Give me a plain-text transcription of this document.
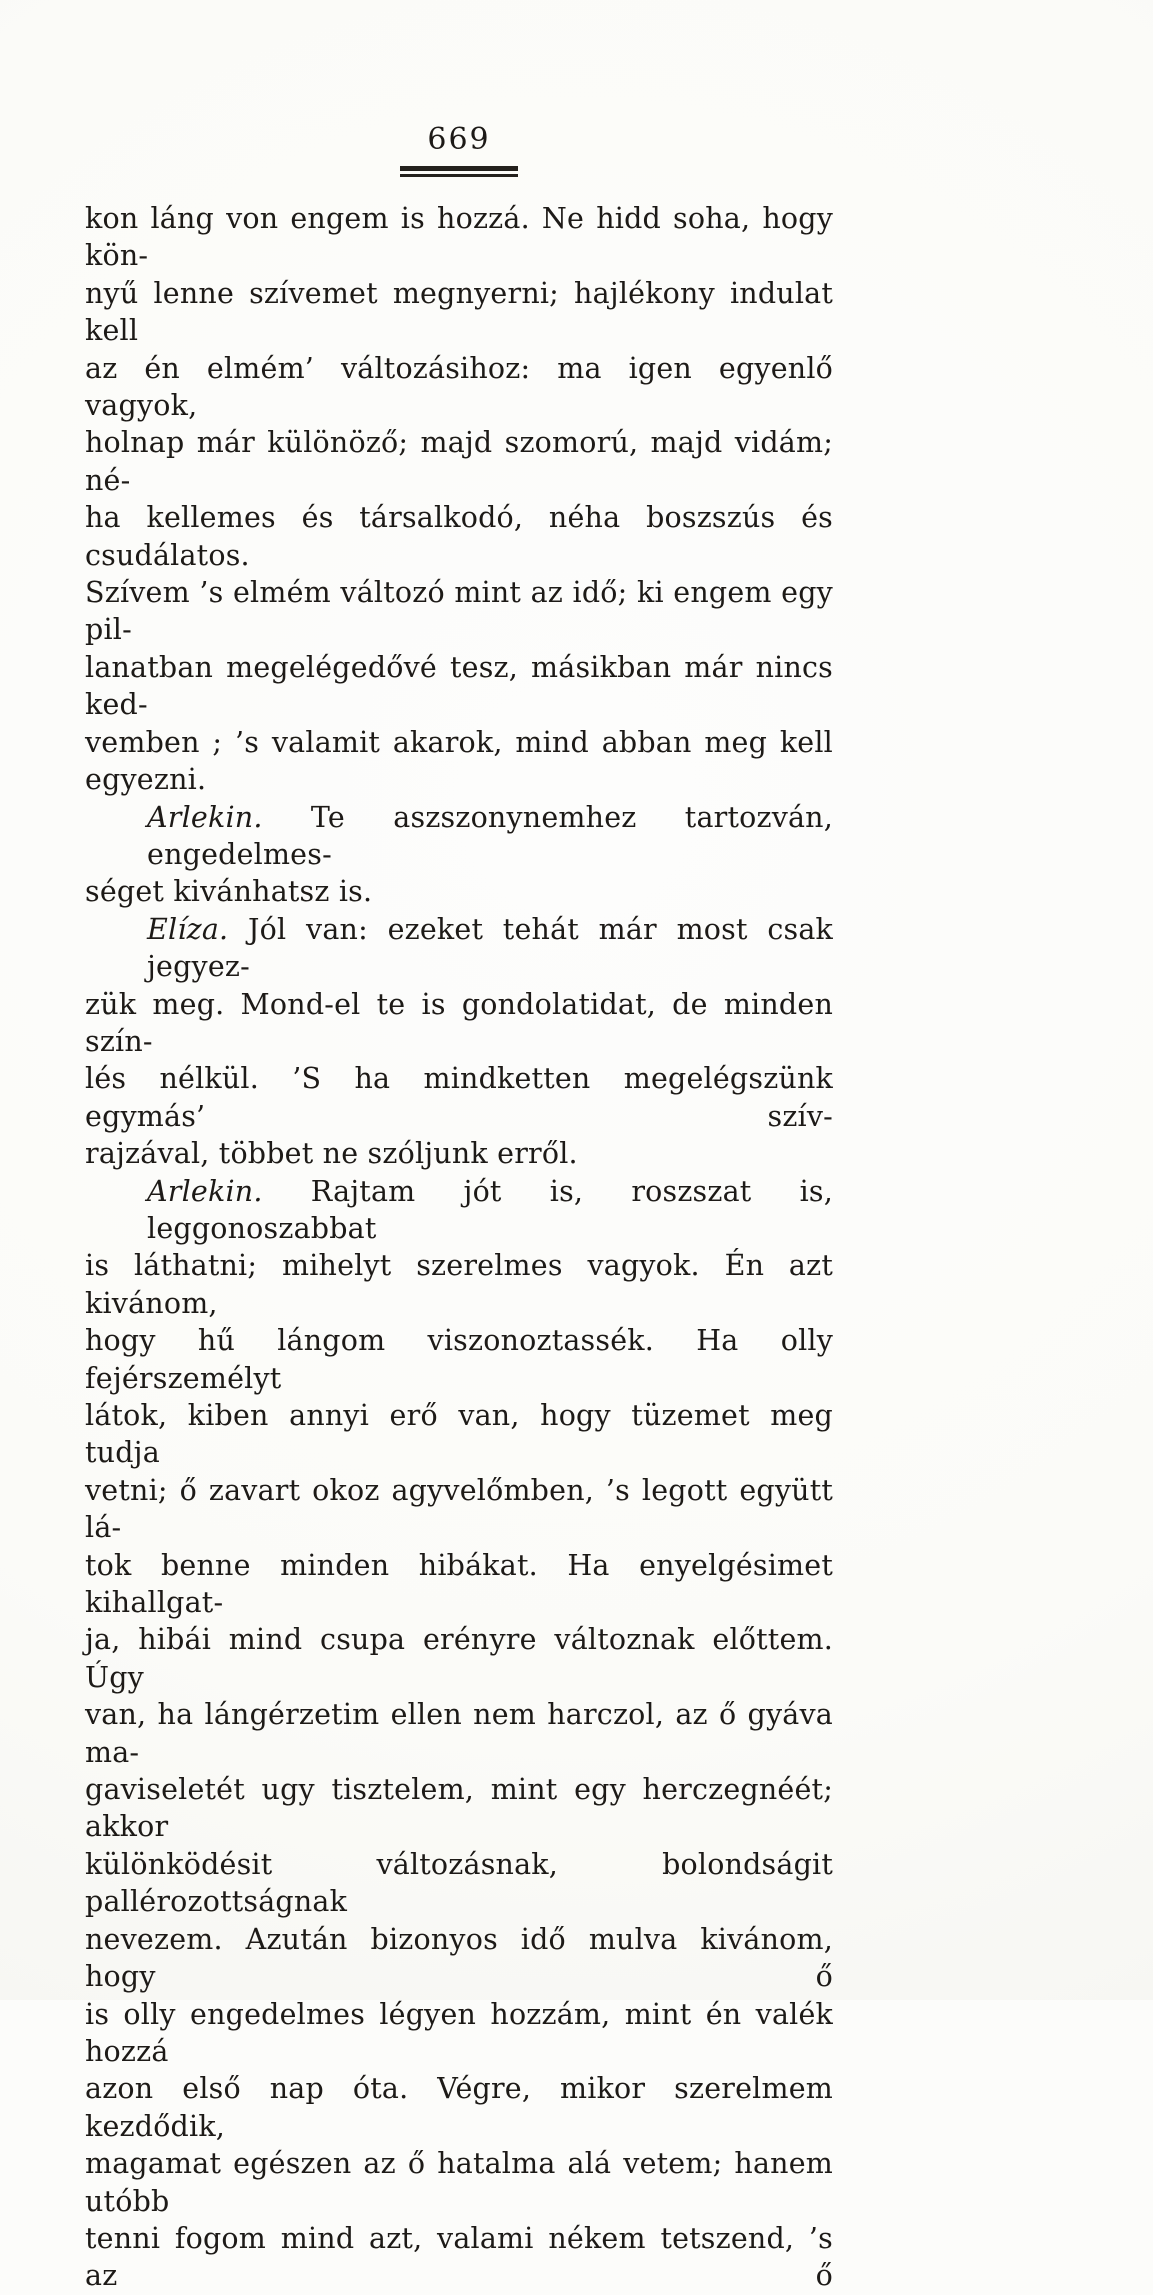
669
kon láng von engem is hozzá. Ne hidd soha, hogy kön-
nyű lenne szívemet megnyerni; hajlékony indulat kell
az én elmém’ változásihoz: ma igen egyenlő vagyok,
holnap már különöző; majd szomorú, majd vidám; né-
ha kellemes és társalkodó, néha boszszús és csudálatos.
Szívem ’s elmém változó mint az idő; ki engem egy pil-
lanatban megelégedővé tesz, másikban már nincs ked-
vemben ; ’s valamit akarok, mind abban meg kell egyezni.
Arlekin. Te aszszonynemhez tartozván, engedelmes-
séget kivánhatsz is.
Elíza. Jól van: ezeket tehát már most csak jegyez-
zük meg. Mond-el te is gondolatidat, de minden szín-
lés nélkül. ’S ha mindketten megelégszünk egymás’ szív-
rajzával, többet ne szóljunk erről.
Arlekin. Rajtam jót is, roszszat is, leggonoszabbat
is láthatni; mihelyt szerelmes vagyok. Én azt kivánom,
hogy hű lángom viszonoztassék. Ha olly fejérszemélyt
látok, kiben annyi erő van, hogy tüzemet meg tudja
vetni; ő zavart okoz agyvelőmben, ’s legott együtt lá-
tok benne minden hibákat. Ha enyelgésimet kihallgat-
ja, hibái mind csupa erényre változnak előttem. Úgy
van, ha lángérzetim ellen nem harczol, az ő gyáva ma-
gaviseletét ugy tisztelem, mint egy herczegnéét; akkor
különködésit változásnak, bolondságit pallérozottságnak
nevezem. Azután bizonyos idő mulva kivánom, hogy ő
is olly engedelmes légyen hozzám, mint én valék hozzá
azon első nap óta. Végre, mikor szerelmem kezdődik,
magamat egészen az ő hatalma alá vetem; hanem utóbb
tenni fogom mind azt, valami nékem tetszend, ’s az ő
